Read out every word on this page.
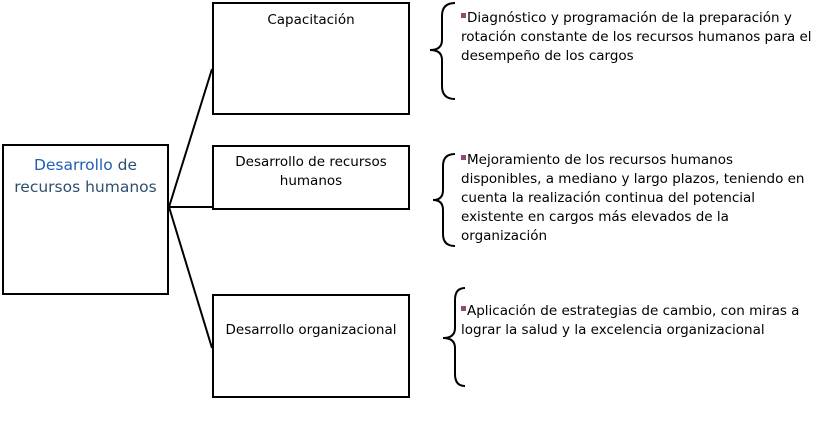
Desarrollo de recursos humanos
Capacitación
Desarrollo de recursos humanos
Desarrollo organizacional
Diagnóstico y programación de la preparación y rotación constante de los recursos humanos para el desempeño de los cargos
Mejoramiento de los recursos humanos disponibles, a mediano y largo plazos, teniendo en cuenta la realización continua del potencial existente en cargos más elevados de la organización
Aplicación de estrategias de cambio, con miras a lograr la salud y la excelencia organizacional
